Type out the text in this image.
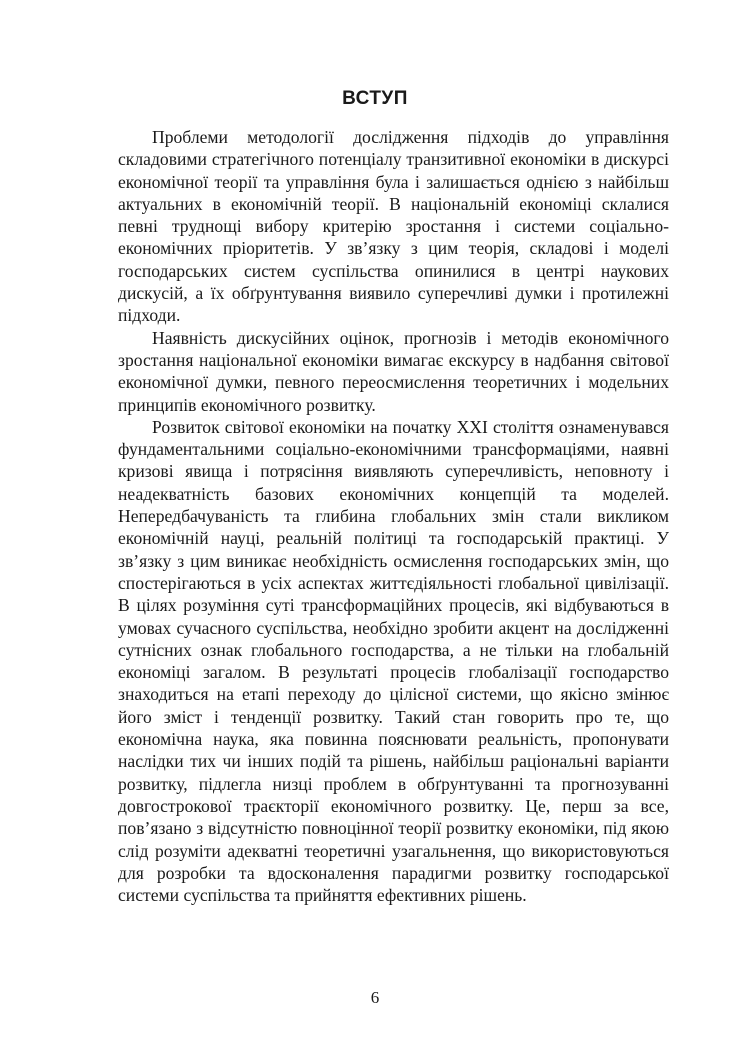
ВСТУП

Проблеми методології дослідження підходів до управління складовими стратегічного потенціалу транзитивної економіки в дискурсі економічної теорії та управління була і залишається однією з найбільш актуальних в економічній теорії. В національній економіці склалися певні труднощі вибору критерію зростання і системи соціально-економічних пріоритетів. У зв’язку з цим теорія, складові і моделі господарських систем суспільства опинилися в центрі наукових дискусій, а їх обґрунтування виявило суперечливі думки і протилежні підходи.

Наявність дискусійних оцінок, прогнозів і методів економічного зростання національної економіки вимагає екскурсу в надбання світової економічної думки, певного переосмислення теоретичних і модельних принципів економічного розвитку.

Розвиток світової економіки на початку XXI століття ознаменувався фундаментальними соціально-економічними трансформаціями, наявні кризові явища і потрясіння виявляють суперечливість, неповноту і неадекватність базових економічних концепцій та моделей. Непередбачуваність та глибина глобальних змін стали викликом економічній науці, реальній політиці та господарській практиці. У зв’язку з цим виникає необхідність осмислення господарських змін, що спостерігаються в усіх аспектах життєдіяльності глобальної цивілізації. В цілях розуміння суті трансформаційних процесів, які відбуваються в умовах сучасного суспільства, необхідно зробити акцент на дослідженні сутнісних ознак глобального господарства, а не тільки на глобальній економіці загалом. В результаті процесів глобалізації господарство знаходиться на етапі переходу до цілісної системи, що якісно змінює його зміст і тенденції розвитку. Такий стан говорить про те, що економічна наука, яка повинна пояснювати реальність, пропонувати наслідки тих чи інших подій та рішень, найбільш раціональні варіанти розвитку, підлегла низці проблем в обґрунтуванні та прогнозуванні довгострокової траєкторії економічного розвитку. Це, перш за все, пов’язано з відсутністю повноцінної теорії розвитку економіки, під якою слід розуміти адекватні теоретичні узагальнення, що використовуються для розробки та вдосконалення парадигми розвитку господарської системи суспільства та прийняття ефективних рішень.

6
